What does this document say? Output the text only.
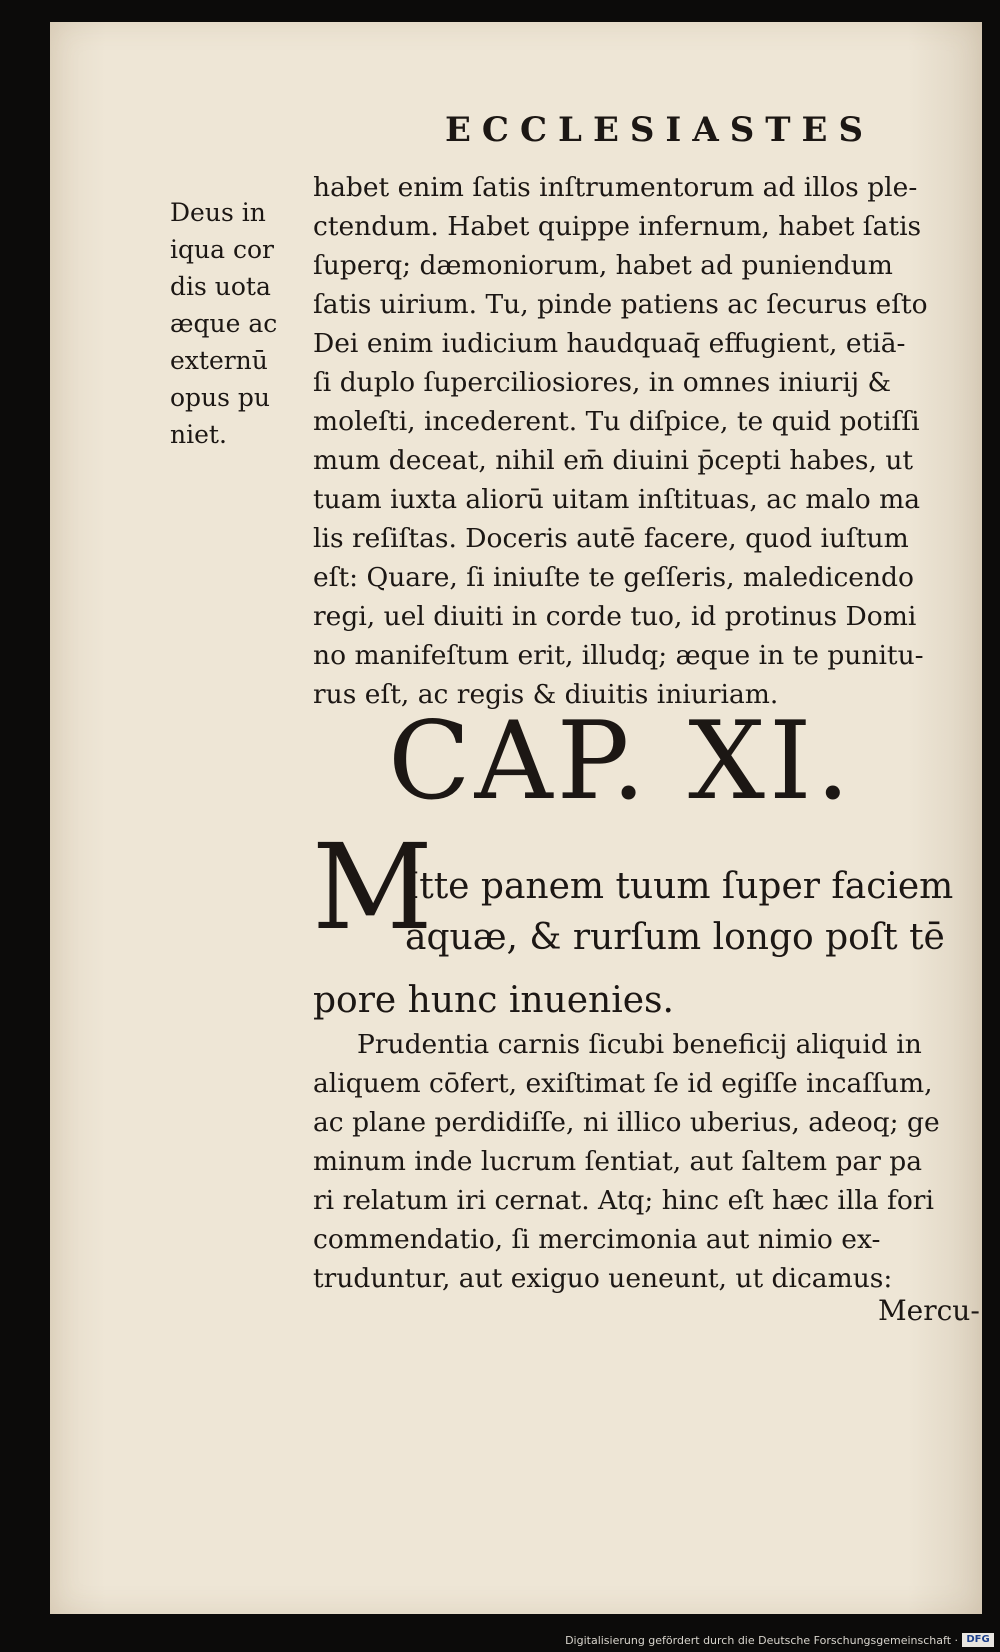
ECCLESIASTES
Deus in
iqua cor
dis uota
æque ac
externū
opus pu
niet.
habet enim ſatis inſtrumentorum ad illos ple-
ctendum. Habet quippe infernum, habet ſatis
ſuperq; dæmoniorum, habet ad puniendum
ſatis uirium. Tu, pinde patiens ac ſecurus eſto
Dei enim iudicium haudquaq̄ effugient, etiā-
ſi duplo ſuperciliosiores, in omnes iniurij &
moleſti, incederent. Tu diſpice, te quid potiſſi
mum deceat, nihil em̄ diuini p̄cepti habes, ut
tuam iuxta aliorū uitam inſtituas, ac malo ma
lis reſiſtas. Doceris autē facere, quod iuſtum
eſt: Quare, ſi iniuſte te geſſeris, maledicendo
regi, uel diuiti in corde tuo, id protinus Domi
no manifeſtum erit, illudq; æque in te punitu-
rus eſt, ac regis & diuitis iniuriam.
CAP. XI.
M
Itte panem tuum ſuper faciem
aquæ, & rurſum longo poſt tē
pore hunc inuenies.
Prudentia carnis ſicubi beneficij aliquid in
aliquem cōfert, exiſtimat ſe id egiſſe incaſſum,
ac plane perdidiſſe, ni illico uberius, adeoq; ge
minum inde lucrum ſentiat, aut ſaltem par pa
ri relatum iri cernat. Atq; hinc eſt hæc illa fori
commendatio, ſi mercimonia aut nimio ex-
truduntur, aut exiguo ueneunt, ut dicamus:
Mercu-
Digitalisierung gefördert durch die Deutsche Forschungsgemeinschaft · DFG
